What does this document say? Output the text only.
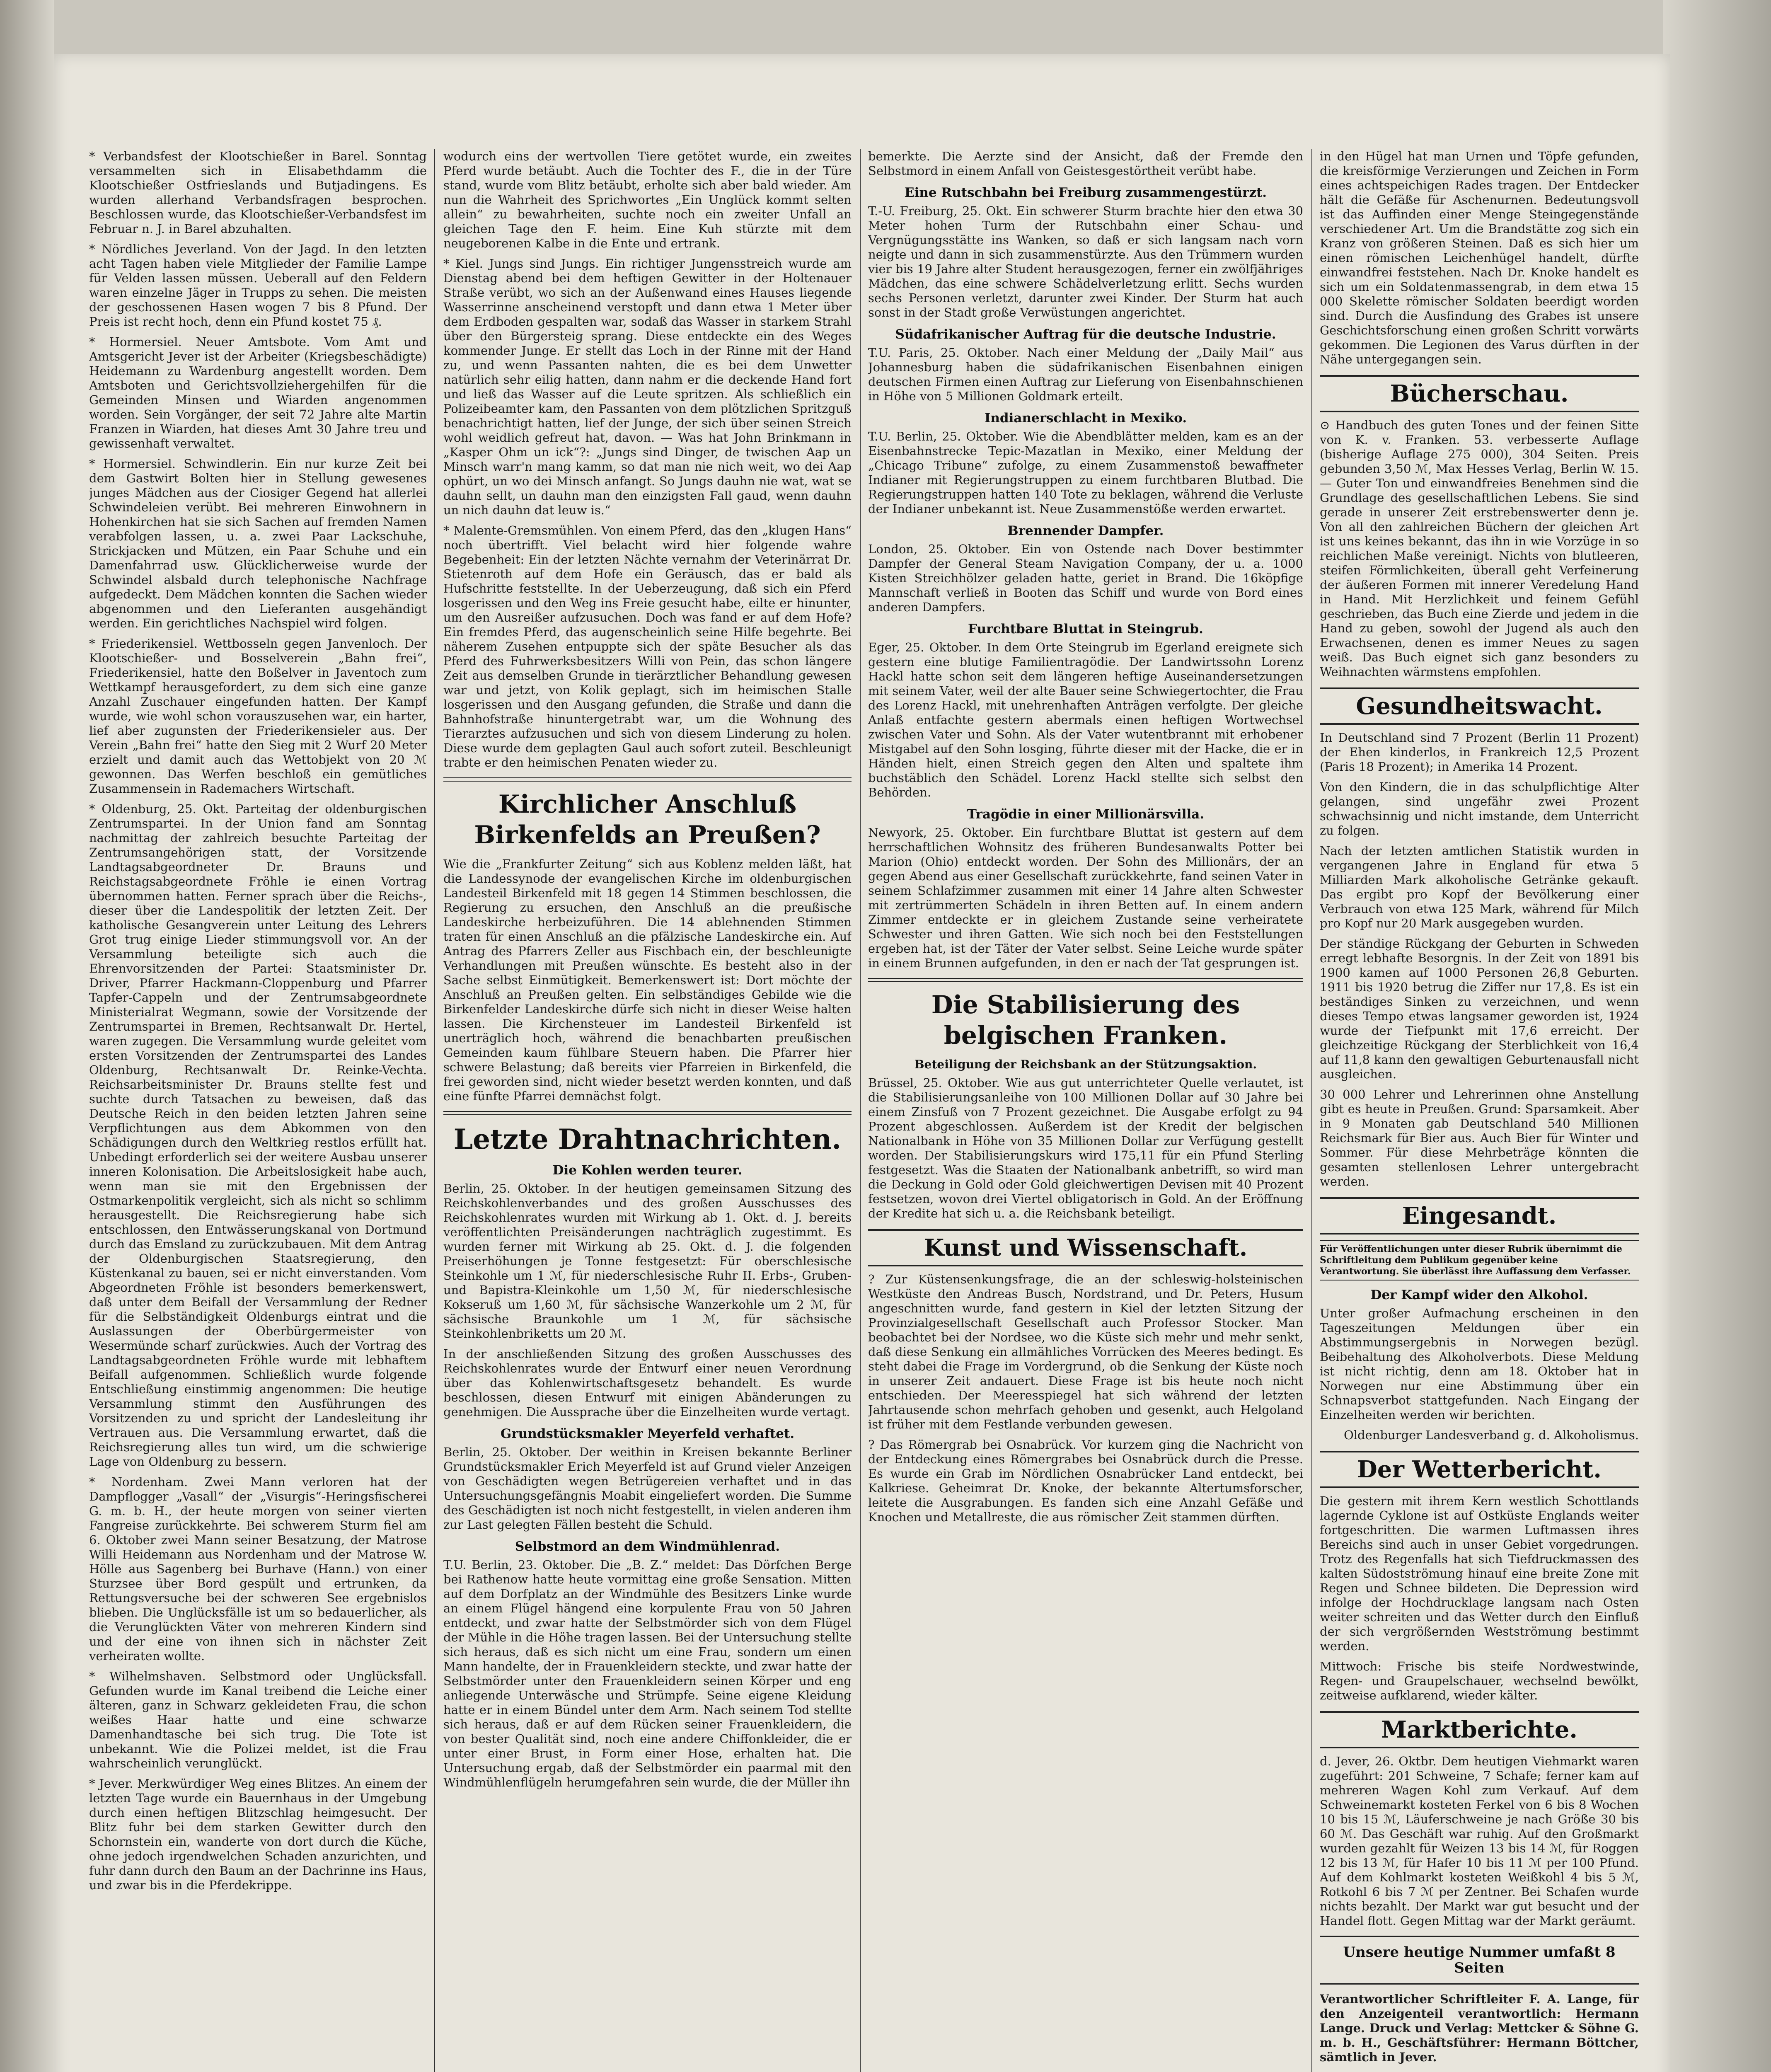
* Verbandsfest der Klootschießer in Barel. Sonntag versammelten sich in Elisabethdamm die Klootschießer Ostfrieslands und Butjadingens. Es wurden allerhand Verbandsfragen besprochen. Beschlossen wurde, das Klootschießer-Verbandsfest im Februar n. J. in Barel abzuhalten.

* Nördliches Jeverland. Von der Jagd. In den letzten acht Tagen haben viele Mitglieder der Familie Lampe für Velden lassen müssen. Ueberall auf den Feldern waren einzelne Jäger in Trupps zu sehen. Die meisten der geschossenen Hasen wogen 7 bis 8 Pfund. Der Preis ist recht hoch, denn ein Pfund kostet 75 ₰.

* Hormersiel. Neuer Amtsbote. Vom Amt und Amtsgericht Jever ist der Arbeiter (Kriegsbeschädigte) Heidemann zu Wardenburg angestellt worden. Dem Amtsboten und Gerichtsvollziehergehilfen für die Gemeinden Minsen und Wiarden angenommen worden. Sein Vorgänger, der seit 72 Jahre alte Martin Franzen in Wiarden, hat dieses Amt 30 Jahre treu und gewissenhaft verwaltet.

* Hormersiel. Schwindlerin. Ein nur kurze Zeit bei dem Gastwirt Bolten hier in Stellung gewesenes junges Mädchen aus der Ciosiger Gegend hat allerlei Schwindeleien verübt. Bei mehreren Einwohnern in Hohenkirchen hat sie sich Sachen auf fremden Namen verabfolgen lassen, u. a. zwei Paar Lackschuhe, Strickjacken und Mützen, ein Paar Schuhe und ein Damenfahrrad usw. Glücklicherweise wurde der Schwindel alsbald durch telephonische Nachfrage aufgedeckt. Dem Mädchen konnten die Sachen wieder abgenommen und den Lieferanten ausgehändigt werden. Ein gerichtliches Nachspiel wird folgen.

* Friederikensiel. Wettbosseln gegen Janvenloch. Der Klootschießer- und Bosselverein „Bahn frei“, Friederikensiel, hatte den Boßelver in Javentoch zum Wettkampf herausgefordert, zu dem sich eine ganze Anzahl Zuschauer eingefunden hatten. Der Kampf wurde, wie wohl schon vorauszusehen war, ein harter, lief aber zugunsten der Friederikensieler aus. Der Verein „Bahn frei“ hatte den Sieg mit 2 Wurf 20 Meter erzielt und damit auch das Wettobjekt von 20 ℳ gewonnen. Das Werfen beschloß ein gemütliches Zusammensein in Rademachers Wirtschaft.

* Oldenburg, 25. Okt. Parteitag der oldenburgischen Zentrumspartei. In der Union fand am Sonntag nachmittag der zahlreich besuchte Parteitag der Zentrumsangehörigen statt, der Vorsitzende Landtagsabgeordneter Dr. Brauns und Reichstagsabgeordnete Fröhle ie einen Vortrag übernommen hatten. Ferner sprach über die Reichs-, dieser über die Landespolitik der letzten Zeit. Der katholische Gesangverein unter Leitung des Lehrers Grot trug einige Lieder stimmungsvoll vor. An der Versammlung beteiligte sich auch die Ehrenvorsitzenden der Partei: Staatsminister Dr. Driver, Pfarrer Hackmann-Cloppenburg und Pfarrer Tapfer-Cappeln und der Zentrumsabgeordnete Ministerialrat Wegmann, sowie der Vorsitzende der Zentrumspartei in Bremen, Rechtsanwalt Dr. Hertel, waren zugegen. Die Versammlung wurde geleitet vom ersten Vorsitzenden der Zentrumspartei des Landes Oldenburg, Rechtsanwalt Dr. Reinke-Vechta. Reichsarbeitsminister Dr. Brauns stellte fest und suchte durch Tatsachen zu beweisen, daß das Deutsche Reich in den beiden letzten Jahren seine Verpflichtungen aus dem Abkommen von den Schädigungen durch den Weltkrieg restlos erfüllt hat. Unbedingt erforderlich sei der weitere Ausbau unserer inneren Kolonisation. Die Arbeitslosigkeit habe auch, wenn man sie mit den Ergebnissen der Ostmarkenpolitik vergleicht, sich als nicht so schlimm herausgestellt. Die Reichsregierung habe sich entschlossen, den Entwässerungskanal von Dortmund durch das Emsland zu zurückzubauen. Mit dem Antrag der Oldenburgischen Staatsregierung, den Küstenkanal zu bauen, sei er nicht einverstanden. Vom Abgeordneten Fröhle ist besonders bemerkenswert, daß unter dem Beifall der Versammlung der Redner für die Selbständigkeit Oldenburgs eintrat und die Auslassungen der Oberbürgermeister von Wesermünde scharf zurückwies. Auch der Vortrag des Landtagsabgeordneten Fröhle wurde mit lebhaftem Beifall aufgenommen. Schließlich wurde folgende Entschließung einstimmig angenommen: Die heutige Versammlung stimmt den Ausführungen des Vorsitzenden zu und spricht der Landesleitung ihr Vertrauen aus. Die Versammlung erwartet, daß die Reichsregierung alles tun wird, um die schwierige Lage von Oldenburg zu bessern.

* Nordenham. Zwei Mann verloren hat der Dampflogger „Vasall“ der „Visurgis“-Heringsfischerei G. m. b. H., der heute morgen von seiner vierten Fangreise zurückkehrte. Bei schwerem Sturm fiel am 6. Oktober zwei Mann seiner Besatzung, der Matrose Willi Heidemann aus Nordenham und der Matrose W. Hölle aus Sagenberg bei Burhave (Hann.) von einer Sturzsee über Bord gespült und ertrunken, da Rettungsversuche bei der schweren See ergebnislos blieben. Die Unglücksfälle ist um so bedauerlicher, als die Verunglückten Väter von mehreren Kindern sind und der eine von ihnen sich in nächster Zeit verheiraten wollte.

* Wilhelmshaven. Selbstmord oder Unglücksfall. Gefunden wurde im Kanal treibend die Leiche einer älteren, ganz in Schwarz gekleideten Frau, die schon weißes Haar hatte und eine schwarze Damenhandtasche bei sich trug. Die Tote ist unbekannt. Wie die Polizei meldet, ist die Frau wahrscheinlich verunglückt.

* Jever. Merkwürdiger Weg eines Blitzes. An einem der letzten Tage wurde ein Bauernhaus in der Umgebung durch einen heftigen Blitzschlag heimgesucht. Der Blitz fuhr bei dem starken Gewitter durch den Schornstein ein, wanderte von dort durch die Küche, ohne jedoch irgendwelchen Schaden anzurichten, und fuhr dann durch den Baum an der Dachrinne ins Haus, und zwar bis in die Pferdekrippe.

wodurch eins der wertvollen Tiere getötet wurde, ein zweites Pferd wurde betäubt. Auch die Tochter des F., die in der Türe stand, wurde vom Blitz betäubt, erholte sich aber bald wieder. Am nun die Wahrheit des Sprichwortes „Ein Unglück kommt selten allein“ zu bewahrheiten, suchte noch ein zweiter Unfall an gleichen Tage den F. heim. Eine Kuh stürzte mit dem neugeborenen Kalbe in die Ente und ertrank.

* Kiel. Jungs sind Jungs. Ein richtiger Jungensstreich wurde am Dienstag abend bei dem heftigen Gewitter in der Holtenauer Straße verübt, wo sich an der Außenwand eines Hauses liegende Wasserrinne anscheinend verstopft und dann etwa 1 Meter über dem Erdboden gespalten war, sodaß das Wasser in starkem Strahl über den Bürgersteig sprang. Diese entdeckte ein des Weges kommender Junge. Er stellt das Loch in der Rinne mit der Hand zu, und wenn Passanten nahten, die es bei dem Unwetter natürlich sehr eilig hatten, dann nahm er die deckende Hand fort und ließ das Wasser auf die Leute spritzen. Als schließlich ein Polizeibeamter kam, den Passanten von dem plötzlichen Spritzguß benachrichtigt hatten, lief der Junge, der sich über seinen Streich wohl weidlich gefreut hat, davon. — Was hat John Brinkmann in „Kasper Ohm un ick“?: „Jungs sind Dinger, de twischen Aap un Minsch warr'n mang kamm, so dat man nie nich weit, wo dei Aap ophürt, un wo dei Minsch anfangt. So Jungs dauhn nie wat, wat se dauhn sellt, un dauhn man den einzigsten Fall gaud, wenn dauhn un nich dauhn dat leuw is.“

* Malente-Gremsmühlen. Von einem Pferd, das den „klugen Hans“ noch übertrifft. Viel belacht wird hier folgende wahre Begebenheit: Ein der letzten Nächte vernahm der Veterinärrat Dr. Stietenroth auf dem Hofe ein Geräusch, das er bald als Hufschritte feststellte. In der Ueberzeugung, daß sich ein Pferd losgerissen und den Weg ins Freie gesucht habe, eilte er hinunter, um den Ausreißer aufzusuchen. Doch was fand er auf dem Hofe? Ein fremdes Pferd, das augenscheinlich seine Hilfe begehrte. Bei näherem Zusehen entpuppte sich der späte Besucher als das Pferd des Fuhrwerksbesitzers Willi von Pein, das schon längere Zeit aus demselben Grunde in tierärztlicher Behandlung gewesen war und jetzt, von Kolik geplagt, sich im heimischen Stalle losgerissen und den Ausgang gefunden, die Straße und dann die Bahnhofstraße hinuntergetrabt war, um die Wohnung des Tierarztes aufzusuchen und sich von diesem Linderung zu holen. Diese wurde dem geplagten Gaul auch sofort zuteil. Beschleunigt trabte er den heimischen Penaten wieder zu.

Kirchlicher Anschluß Birkenfelds an Preußen?

Wie die „Frankfurter Zeitung“ sich aus Koblenz melden läßt, hat die Landessynode der evangelischen Kirche im oldenburgischen Landesteil Birkenfeld mit 18 gegen 14 Stimmen beschlossen, die Regierung zu ersuchen, den Anschluß an die preußische Landeskirche herbeizuführen. Die 14 ablehnenden Stimmen traten für einen Anschluß an die pfälzische Landeskirche ein. Auf Antrag des Pfarrers Zeller aus Fischbach ein, der beschleunigte Verhandlungen mit Preußen wünschte. Es besteht also in der Sache selbst Einmütigkeit. Bemerkenswert ist: Dort möchte der Anschluß an Preußen gelten. Ein selbständiges Gebilde wie die Birkenfelder Landeskirche dürfe sich nicht in dieser Weise halten lassen. Die Kirchensteuer im Landesteil Birkenfeld ist unerträglich hoch, während die benachbarten preußischen Gemeinden kaum fühlbare Steuern haben. Die Pfarrer hier schwere Belastung; daß bereits vier Pfarreien in Birkenfeld, die frei geworden sind, nicht wieder besetzt werden konnten, und daß eine fünfte Pfarrei demnächst folgt.

Letzte Drahtnachrichten.
Die Kohlen werden teurer.

Berlin, 25. Oktober. In der heutigen gemeinsamen Sitzung des Reichskohlenverbandes und des großen Ausschusses des Reichskohlenrates wurden mit Wirkung ab 1. Okt. d. J. bereits veröffentlichten Preisänderungen nachträglich zugestimmt. Es wurden ferner mit Wirkung ab 25. Okt. d. J. die folgenden Preiserhöhungen je Tonne festgesetzt: Für oberschlesische Steinkohle um 1 ℳ, für niederschlesische Ruhr II. Erbs-, Gruben- und Bapistra-Kleinkohle um 1,50 ℳ, für niederschlesische Kokseruß um 1,60 ℳ, für sächsische Wanzerkohle um 2 ℳ, für sächsische Braunkohle um 1 ℳ, für sächsische Steinkohlenbriketts um 20 ℳ.

In der anschließenden Sitzung des großen Ausschusses des Reichskohlenrates wurde der Entwurf einer neuen Verordnung über das Kohlenwirtschaftsgesetz behandelt. Es wurde beschlossen, diesen Entwurf mit einigen Abänderungen zu genehmigen. Die Aussprache über die Einzelheiten wurde vertagt.

Grundstücksmakler Meyerfeld verhaftet.

Berlin, 25. Oktober. Der weithin in Kreisen bekannte Berliner Grundstücksmakler Erich Meyerfeld ist auf Grund vieler Anzeigen von Geschädigten wegen Betrügereien verhaftet und in das Untersuchungsgefängnis Moabit eingeliefert worden. Die Summe des Geschädigten ist noch nicht festgestellt, in vielen anderen ihm zur Last gelegten Fällen besteht die Schuld.

Selbstmord an dem Windmühlenrad.

T.U. Berlin, 23. Oktober. Die „B. Z.“ meldet: Das Dörfchen Berge bei Rathenow hatte heute vormittag eine große Sensation. Mitten auf dem Dorfplatz an der Windmühle des Besitzers Linke wurde an einem Flügel hängend eine korpulente Frau von 50 Jahren entdeckt, und zwar hatte der Selbstmörder sich von dem Flügel der Mühle in die Höhe tragen lassen. Bei der Untersuchung stellte sich heraus, daß es sich nicht um eine Frau, sondern um einen Mann handelte, der in Frauenkleidern steckte, und zwar hatte der Selbstmörder unter den Frauenkleidern seinen Körper und eng anliegende Unterwäsche und Strümpfe. Seine eigene Kleidung hatte er in einem Bündel unter dem Arm. Nach seinem Tod stellte sich heraus, daß er auf dem Rücken seiner Frauenkleidern, die von bester Qualität sind, noch eine andere Chiffonkleider, die er unter einer Brust, in Form einer Hose, erhalten hat. Die Untersuchung ergab, daß der Selbstmörder ein paarmal mit den Windmühlenflügeln herumgefahren sein wurde, die der Müller ihn

bemerkte. Die Aerzte sind der Ansicht, daß der Fremde den Selbstmord in einem Anfall von Geistesgestörtheit verübt habe.

Eine Rutschbahn bei Freiburg zusammengestürzt.

T.-U. Freiburg, 25. Okt. Ein schwerer Sturm brachte hier den etwa 30 Meter hohen Turm der Rutschbahn einer Schau- und Vergnügungsstätte ins Wanken, so daß er sich langsam nach vorn neigte und dann in sich zusammenstürzte. Aus den Trümmern wurden vier bis 19 Jahre alter Student herausgezogen, ferner ein zwölfjähriges Mädchen, das eine schwere Schädelverletzung erlitt. Sechs wurden sechs Personen verletzt, darunter zwei Kinder. Der Sturm hat auch sonst in der Stadt große Verwüstungen angerichtet.

Südafrikanischer Auftrag für die deutsche Industrie.

T.U. Paris, 25. Oktober. Nach einer Meldung der „Daily Mail“ aus Johannesburg haben die südafrikanischen Eisenbahnen einigen deutschen Firmen einen Auftrag zur Lieferung von Eisenbahnschienen in Höhe von 5 Millionen Goldmark erteilt.

Indianerschlacht in Mexiko.

T.U. Berlin, 25. Oktober. Wie die Abendblätter melden, kam es an der Eisenbahnstrecke Tepic-Mazatlan in Mexiko, einer Meldung der „Chicago Tribune“ zufolge, zu einem Zusammenstoß bewaffneter Indianer mit Regierungstruppen zu einem furchtbaren Blutbad. Die Regierungstruppen hatten 140 Tote zu beklagen, während die Verluste der Indianer unbekannt ist. Neue Zusammenstöße werden erwartet.

Brennender Dampfer.

London, 25. Oktober. Ein von Ostende nach Dover bestimmter Dampfer der General Steam Navigation Company, der u. a. 1000 Kisten Streichhölzer geladen hatte, geriet in Brand. Die 16köpfige Mannschaft verließ in Booten das Schiff und wurde von Bord eines anderen Dampfers.

Furchtbare Bluttat in Steingrub.

Eger, 25. Oktober. In dem Orte Steingrub im Egerland ereignete sich gestern eine blutige Familientragödie. Der Landwirtssohn Lorenz Hackl hatte schon seit dem längeren heftige Auseinandersetzungen mit seinem Vater, weil der alte Bauer seine Schwiegertochter, die Frau des Lorenz Hackl, mit unehrenhaften Anträgen verfolgte. Der gleiche Anlaß entfachte gestern abermals einen heftigen Wortwechsel zwischen Vater und Sohn. Als der Vater wutentbrannt mit erhobener Mistgabel auf den Sohn losging, führte dieser mit der Hacke, die er in Händen hielt, einen Streich gegen den Alten und spaltete ihm buchstäblich den Schädel. Lorenz Hackl stellte sich selbst den Behörden.

Tragödie in einer Millionärsvilla.

Newyork, 25. Oktober. Ein furchtbare Bluttat ist gestern auf dem herrschaftlichen Wohnsitz des früheren Bundesanwalts Potter bei Marion (Ohio) entdeckt worden. Der Sohn des Millionärs, der an gegen Abend aus einer Gesellschaft zurückkehrte, fand seinen Vater in seinem Schlafzimmer zusammen mit einer 14 Jahre alten Schwester mit zertrümmerten Schädeln in ihren Betten auf. In einem andern Zimmer entdeckte er in gleichem Zustande seine verheiratete Schwester und ihren Gatten. Wie sich noch bei den Feststellungen ergeben hat, ist der Täter der Vater selbst. Seine Leiche wurde später in einem Brunnen aufgefunden, in den er nach der Tat gesprungen ist.

Die Stabilisierung des belgischen Franken.
Beteiligung der Reichsbank an der Stützungsaktion.

Brüssel, 25. Oktober. Wie aus gut unterrichteter Quelle verlautet, ist die Stabilisierungsanleihe von 100 Millionen Dollar auf 30 Jahre bei einem Zinsfuß von 7 Prozent gezeichnet. Die Ausgabe erfolgt zu 94 Prozent abgeschlossen. Außerdem ist der Kredit der belgischen Nationalbank in Höhe von 35 Millionen Dollar zur Verfügung gestellt worden. Der Stabilisierungskurs wird 175,11 für ein Pfund Sterling festgesetzt. Was die Staaten der Nationalbank anbetrifft, so wird man die Deckung in Gold oder Gold gleichwertigen Devisen mit 40 Prozent festsetzen, wovon drei Viertel obligatorisch in Gold. An der Eröffnung der Kredite hat sich u. a. die Reichsbank beteiligt.

Kunst und Wissenschaft.

? Zur Küstensenkungsfrage, die an der schleswig-holsteinischen Westküste den Andreas Busch, Nordstrand, und Dr. Peters, Husum angeschnitten wurde, fand gestern in Kiel der letzten Sitzung der Provinzialgesellschaft Gesellschaft auch Professor Stocker. Man beobachtet bei der Nordsee, wo die Küste sich mehr und mehr senkt, daß diese Senkung ein allmähliches Vorrücken des Meeres bedingt. Es steht dabei die Frage im Vordergrund, ob die Senkung der Küste noch in unserer Zeit andauert. Diese Frage ist bis heute noch nicht entschieden. Der Meeresspiegel hat sich während der letzten Jahrtausende schon mehrfach gehoben und gesenkt, auch Helgoland ist früher mit dem Festlande verbunden gewesen.

? Das Römergrab bei Osnabrück. Vor kurzem ging die Nachricht von der Entdeckung eines Römergrabes bei Osnabrück durch die Presse. Es wurde ein Grab im Nördlichen Osnabrücker Land entdeckt, bei Kalkriese. Geheimrat Dr. Knoke, der bekannte Altertumsforscher, leitete die Ausgrabungen. Es fanden sich eine Anzahl Gefäße und Knochen und Metallreste, die aus römischer Zeit stammen dürften.

in den Hügel hat man Urnen und Töpfe gefunden, die kreisförmige Verzierungen und Zeichen in Form eines achtspeichigen Rades tragen. Der Entdecker hält die Gefäße für Aschenurnen. Bedeutungsvoll ist das Auffinden einer Menge Steingegenstände verschiedener Art. Um die Brandstätte zog sich ein Kranz von größeren Steinen. Daß es sich hier um einen römischen Leichenhügel handelt, dürfte einwandfrei feststehen. Nach Dr. Knoke handelt es sich um ein Soldatenmassengrab, in dem etwa 15 000 Skelette römischer Soldaten beerdigt worden sind. Durch die Ausfindung des Grabes ist unsere Geschichtsforschung einen großen Schritt vorwärts gekommen. Die Legionen des Varus dürften in der Nähe untergegangen sein.

Bücherschau.

⊙ Handbuch des guten Tones und der feinen Sitte von K. v. Franken. 53. verbesserte Auflage (bisherige Auflage 275 000), 304 Seiten. Preis gebunden 3,50 ℳ, Max Hesses Verlag, Berlin W. 15. — Guter Ton und einwandfreies Benehmen sind die Grundlage des gesellschaftlichen Lebens. Sie sind gerade in unserer Zeit erstrebenswerter denn je. Von all den zahlreichen Büchern der gleichen Art ist uns keines bekannt, das ihn in wie Vorzüge in so reichlichen Maße vereinigt. Nichts von blutleeren, steifen Förmlichkeiten, überall geht Verfeinerung der äußeren Formen mit innerer Veredelung Hand in Hand. Mit Herzlichkeit und feinem Gefühl geschrieben, das Buch eine Zierde und jedem in die Hand zu geben, sowohl der Jugend als auch den Erwachsenen, denen es immer Neues zu sagen weiß. Das Buch eignet sich ganz besonders zu Weihnachten wärmstens empfohlen.

Gesundheitswacht.

In Deutschland sind 7 Prozent (Berlin 11 Prozent) der Ehen kinderlos, in Frankreich 12,5 Prozent (Paris 18 Prozent); in Amerika 14 Prozent.

Von den Kindern, die in das schulpflichtige Alter gelangen, sind ungefähr zwei Prozent schwachsinnig und nicht imstande, dem Unterricht zu folgen.

Nach der letzten amtlichen Statistik wurden in vergangenen Jahre in England für etwa 5 Milliarden Mark alkoholische Getränke gekauft. Das ergibt pro Kopf der Bevölkerung einer Verbrauch von etwa 125 Mark, während für Milch pro Kopf nur 20 Mark ausgegeben wurden.

Der ständige Rückgang der Geburten in Schweden erregt lebhafte Besorgnis. In der Zeit von 1891 bis 1900 kamen auf 1000 Personen 26,8 Geburten. 1911 bis 1920 betrug die Ziffer nur 17,8. Es ist ein beständiges Sinken zu verzeichnen, und wenn dieses Tempo etwas langsamer geworden ist, 1924 wurde der Tiefpunkt mit 17,6 erreicht. Der gleichzeitige Rückgang der Sterblichkeit von 16,4 auf 11,8 kann den gewaltigen Geburtenausfall nicht ausgleichen.

30 000 Lehrer und Lehrerinnen ohne Anstellung gibt es heute in Preußen. Grund: Sparsamkeit. Aber in 9 Monaten gab Deutschland 540 Millionen Reichsmark für Bier aus. Auch Bier für Winter und Sommer. Für diese Mehrbeträge könnten die gesamten stellenlosen Lehrer untergebracht werden.

Eingesandt.
Für Veröffentlichungen unter dieser Rubrik übernimmt die Schriftleitung dem Publikum gegenüber keine Verantwortung. Sie überlässt ihre Auffassung dem Verfasser.
Der Kampf wider den Alkohol.

Unter großer Aufmachung erscheinen in den Tageszeitungen Meldungen über ein Abstimmungsergebnis in Norwegen bezügl. Beibehaltung des Alkoholverbots. Diese Meldung ist nicht richtig, denn am 18. Oktober hat in Norwegen nur eine Abstimmung über ein Schnapsverbot stattgefunden. Nach Eingang der Einzelheiten werden wir berichten.

Oldenburger Landesverband g. d. Alkoholismus.

Der Wetterbericht.

Die gestern mit ihrem Kern westlich Schottlands lagernde Cyklone ist auf Ostküste Englands weiter fortgeschritten. Die warmen Luftmassen ihres Bereichs sind auch in unser Gebiet vorgedrungen. Trotz des Regenfalls hat sich Tiefdruckmassen des kalten Südostströmung hinauf eine breite Zone mit Regen und Schnee bildeten. Die Depression wird infolge der Hochdrucklage langsam nach Osten weiter schreiten und das Wetter durch den Einfluß der sich vergrößernden Westströmung bestimmt werden.

Mittwoch: Frische bis steife Nordwestwinde, Regen- und Graupelschauer, wechselnd bewölkt, zeitweise aufklarend, wieder kälter.

Marktberichte.

d. Jever, 26. Oktbr. Dem heutigen Viehmarkt waren zugeführt: 201 Schweine, 7 Schafe; ferner kam auf mehreren Wagen Kohl zum Verkauf. Auf dem Schweinemarkt kosteten Ferkel von 6 bis 8 Wochen 10 bis 15 ℳ, Läuferschweine je nach Größe 30 bis 60 ℳ. Das Geschäft war ruhig. Auf den Großmarkt wurden gezahlt für Weizen 13 bis 14 ℳ, für Roggen 12 bis 13 ℳ, für Hafer 10 bis 11 ℳ per 100 Pfund. Auf dem Kohlmarkt kosteten Weißkohl 4 bis 5 ℳ, Rotkohl 6 bis 7 ℳ per Zentner. Bei Schafen wurde nichts bezahlt. Der Markt war gut besucht und der Handel flott. Gegen Mittag war der Markt geräumt.

Unsere heutige Nummer umfaßt 8 Seiten

Verantwortlicher Schriftleiter F. A. Lange, für den Anzeigenteil verantwortlich: Hermann Lange. Druck und Verlag: Mettcker & Söhne G. m. b. H., Geschäftsführer: Hermann Böttcher, sämtlich in Jever.
